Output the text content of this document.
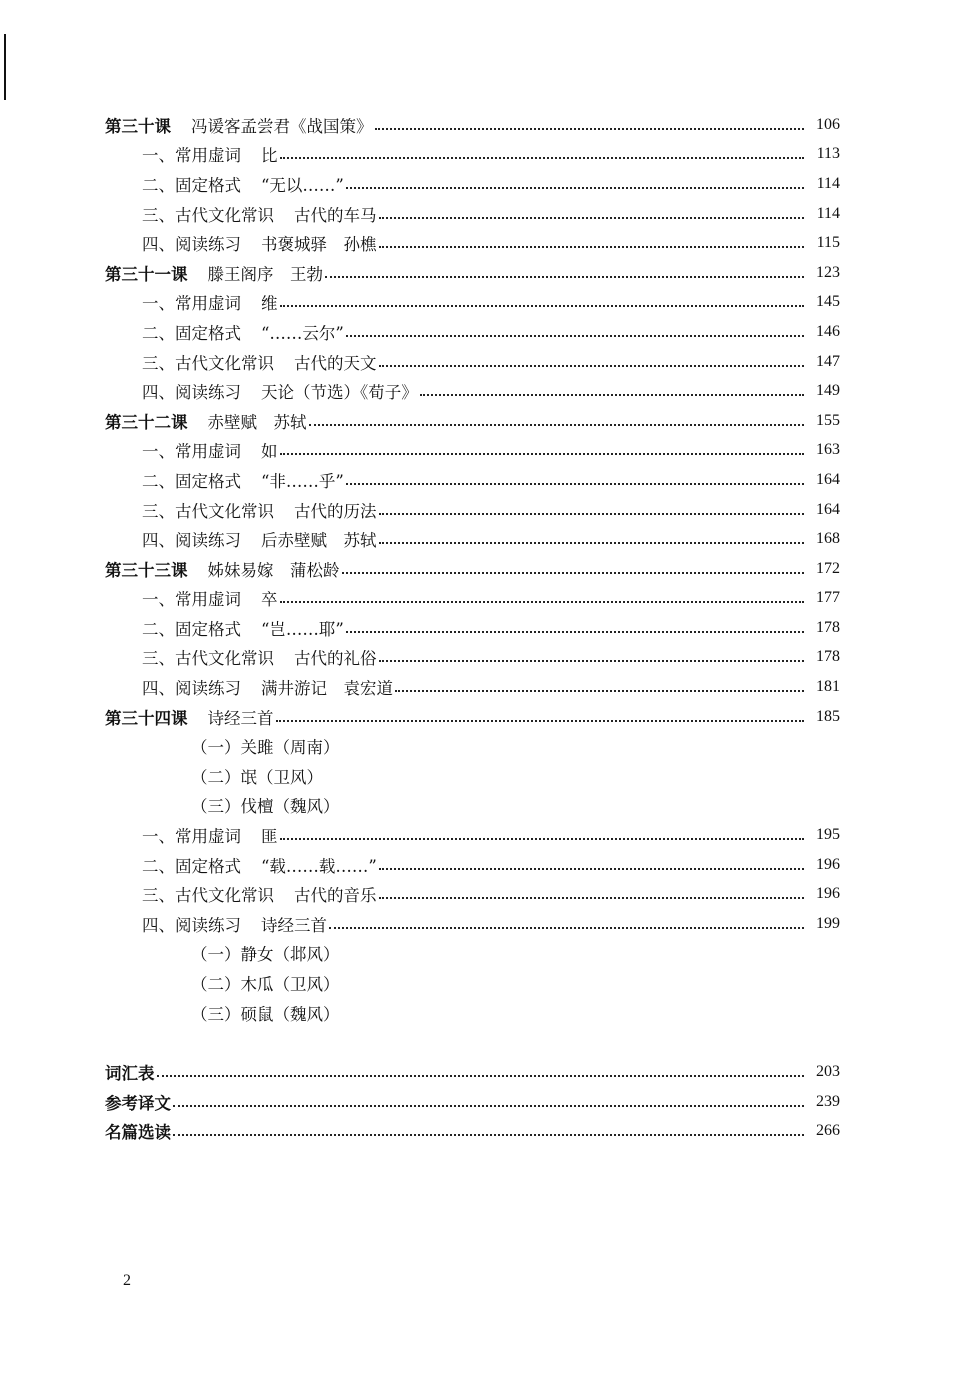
第三十课 冯谖客孟尝君《战国策》	106
一、常用虚词 比	113
二、固定格式 “无以……”	114
三、古代文化常识 古代的车马	114
四、阅读练习 书褒城驿　孙樵	115
第三十一课 滕王阁序　王勃	123
一、常用虚词 维	145
二、固定格式 “……云尔”	146
三、古代文化常识 古代的天文	147
四、阅读练习 天论（节选）《荀子》	149
第三十二课 赤壁赋　苏轼	155
一、常用虚词 如	163
二、固定格式 “非……乎”	164
三、古代文化常识 古代的历法	164
四、阅读练习 后赤壁赋　苏轼	168
第三十三课 姊妹易嫁　蒲松龄	172
一、常用虚词 卒	177
二、固定格式 “岂……耶”	178
三、古代文化常识 古代的礼俗	178
四、阅读练习 满井游记　袁宏道	181
第三十四课 诗经三首	185
（一）关雎（周南）
（二）氓（卫风）
（三）伐檀（魏风）
一、常用虚词 匪	195
二、固定格式 “载……载……”	196
三、古代文化常识 古代的音乐	196
四、阅读练习 诗经三首	199
（一）静女（邶风）
（二）木瓜（卫风）
（三）硕鼠（魏风）
词汇表	203
参考译文	239
名篇选读	266
2
